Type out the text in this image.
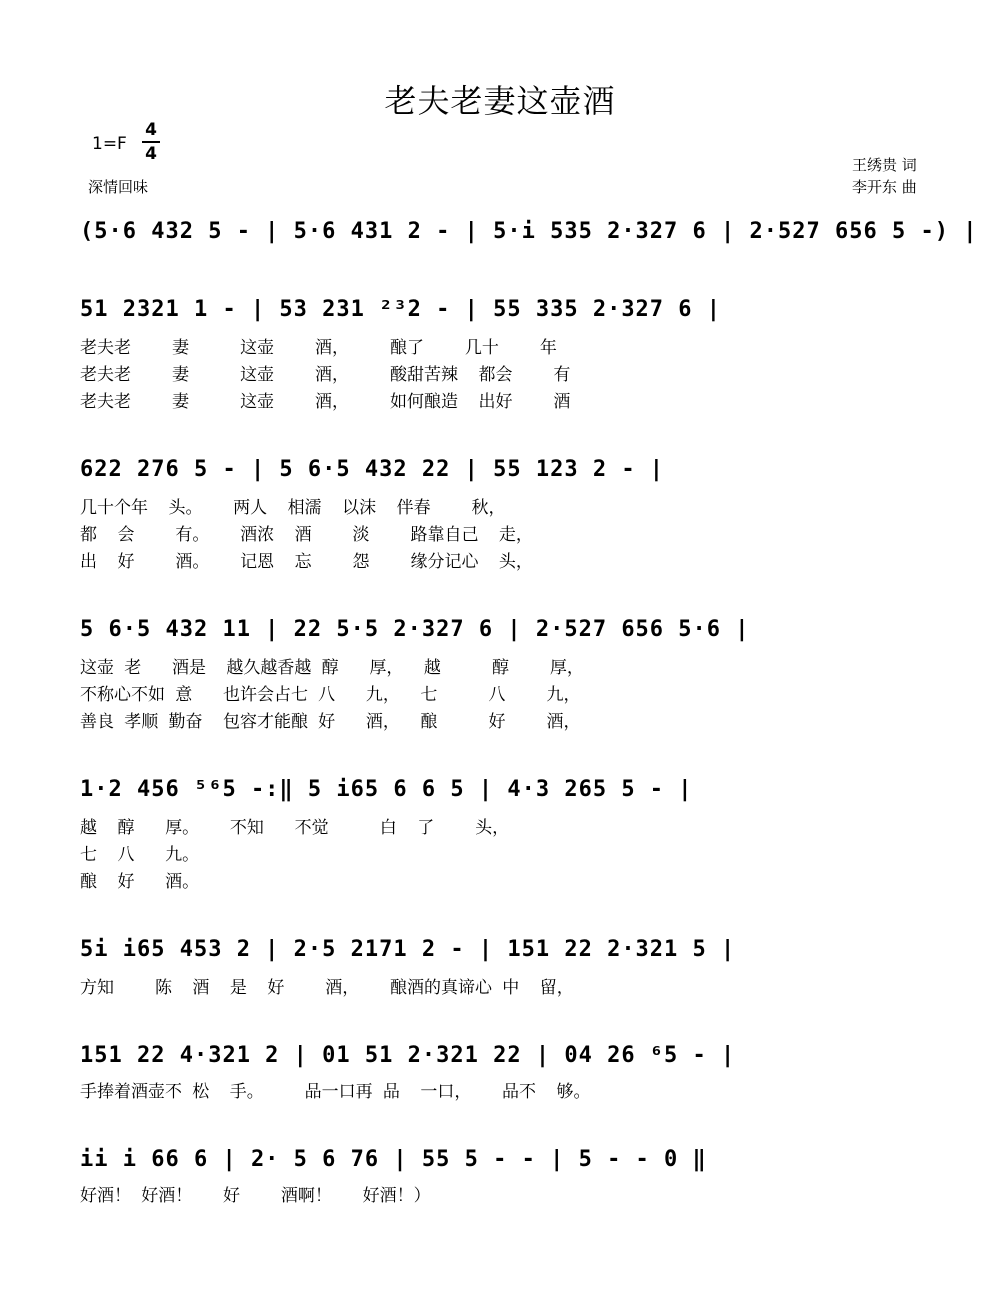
老夫老妻这壶酒
1=F
4
4
深情回味
王绣贵 词
李开东 曲
(5·6 432 5 - | 5·6 431 2 - | 5·i 535 2·327 6 | 2·527 656 5 -) |
51 2321 1 - | 53 231 ²³2 - | 55 335 2·327 6 |
老夫老    妻     这壶    酒，    酿了    几十    年
老夫老    妻     这壶    酒，    酸甜苦辣  都会    有
老夫老    妻     这壶    酒，    如何酿造  出好    酒
622 276 5 - | 5 6·5 432 22 | 55 123 2 - |
几十个年  头。   两人  相濡  以沫  伴春    秋，
都  会    有。   酒浓  酒    淡    路靠自己  走，
出  好    酒。   记恩  忘    怨    缘分记心  头，
5 6·5 432 11 | 22 5·5 2·327 6 | 2·527 656 5·6 |
这壶 老   酒是  越久越香越 醇   厚，  越     醇    厚，
不称心不如 意   也许会占七 八   九，  七     八    九，
善良 孝顺 勤奋  包容才能酿 好   酒，  酿     好    酒，
1·2 456 ⁵⁶5 -:‖ 5 i65 6 6 5 | 4·3 265 5 - |
越  醇   厚。   不知   不觉     白  了    头，
七  八   九。
酿  好   酒。
5i i65 453 2 | 2·5 2171 2 - | 151 22 2·321 5 |
方知    陈  酒  是  好    酒，   酿酒的真谛心 中  留，
151 22 4·321 2 | 01 51 2·321 22 | 04 26 ⁶5 - |
手捧着酒壶不 松  手。    品一口再 品  一口，   品不  够。
ii i 66 6 | 2· 5 6 76 | 55 5 - - | 5 - - 0 ‖
好酒！ 好酒！   好    酒啊！   好酒！）
